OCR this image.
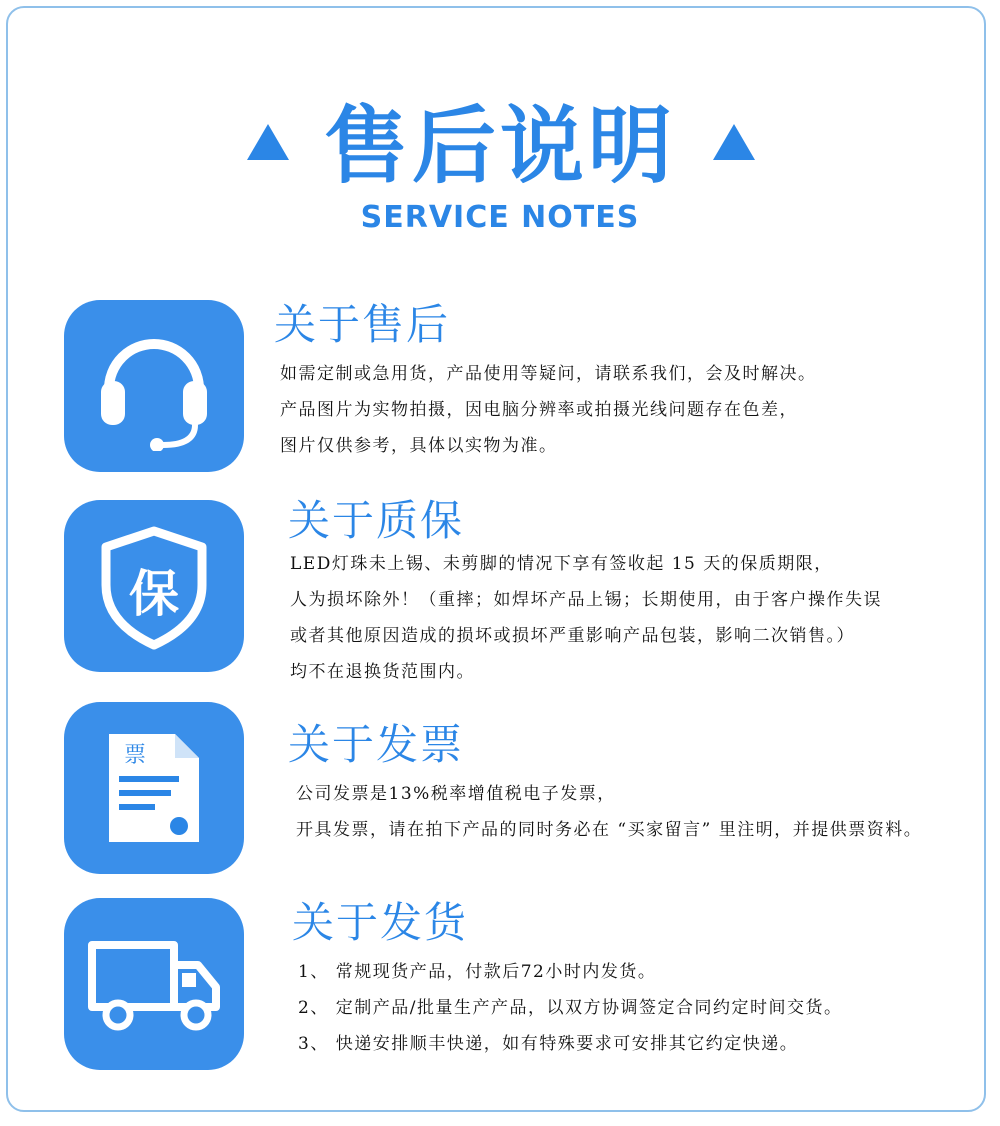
售后说明
SERVICE NOTES
关于售后
如需定制或急用货，产品使用等疑问，请联系我们，会及时解决。
产品图片为实物拍摄，因电脑分辨率或拍摄光线问题存在色差，
图片仅供参考，具体以实物为准。
保
关于质保
LED灯珠未上锡、未剪脚的情况下享有签收起 15 天的保质期限，
人为损坏除外！（重摔；如焊坏产品上锡；长期使用，由于客户操作失误
或者其他原因造成的损坏或损坏严重影响产品包装，影响二次销售。）
均不在退换货范围内。
票	关于发票
公司发票是13%税率增值税电子发票，
开具发票，请在拍下产品的同时务必在 “买家留言” 里注明，并提供票资料。
关于发货
1、 常规现货产品，付款后72小时内发货。
2、 定制产品/批量生产产品，以双方协调签定合同约定时间交货。
3、 快递安排顺丰快递，如有特殊要求可安排其它约定快递。
